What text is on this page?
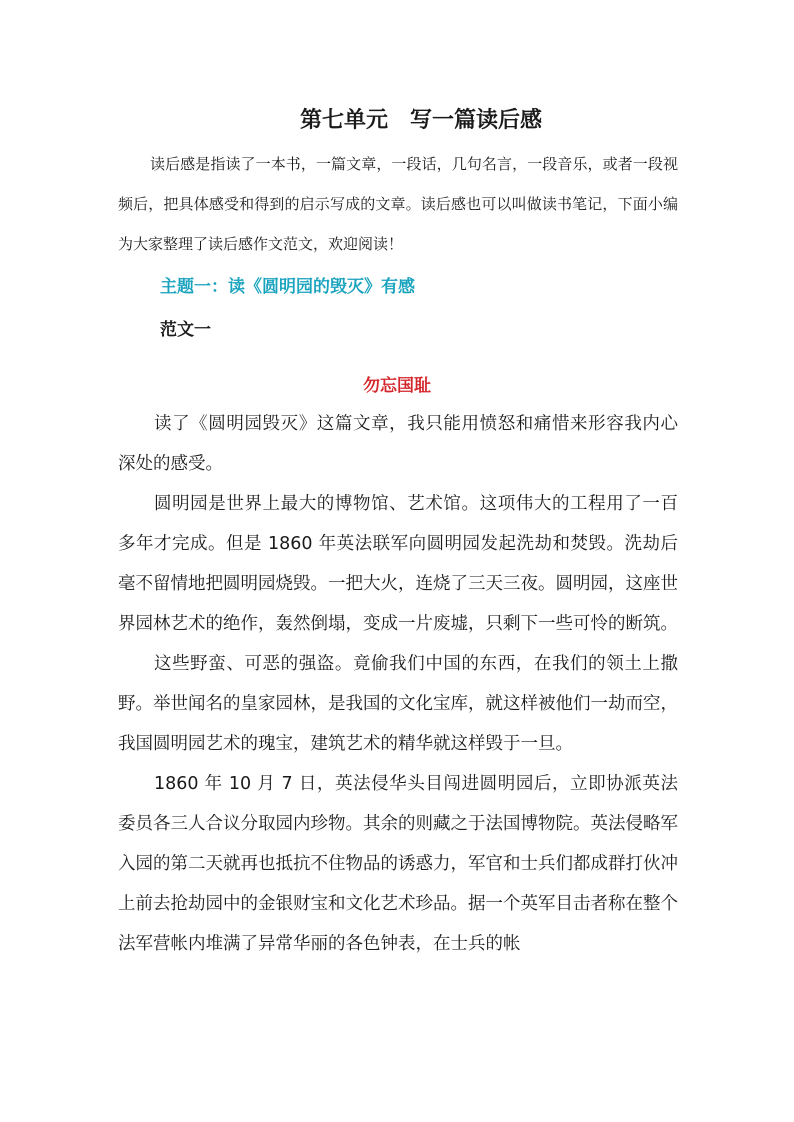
第七单元　写一篇读后感

读后感是指读了一本书，一篇文章，一段话，几句名言，一段音乐，或者一段视频后，把具体感受和得到的启示写成的文章。读后感也可以叫做读书笔记，下面小编为大家整理了读后感作文范文，欢迎阅读！

主题一：读《圆明园的毁灭》有感

范文一

勿忘国耻

读了《圆明园毁灭》这篇文章，我只能用愤怒和痛惜来形容我内心深处的感受。

圆明园是世界上最大的博物馆、艺术馆。这项伟大的工程用了一百多年才完成。但是 1860 年英法联军向圆明园发起洗劫和焚毁。洗劫后毫不留情地把圆明园烧毁。一把大火，连烧了三天三夜。圆明园，这座世界园林艺术的绝作，轰然倒塌，变成一片废墟，只剩下一些可怜的断筑。

这些野蛮、可恶的强盗。竟偷我们中国的东西，在我们的领土上撒野。举世闻名的皇家园林，是我国的文化宝库，就这样被他们一劫而空，我国圆明园艺术的瑰宝，建筑艺术的精华就这样毁于一旦。

1860 年 10 月 7 日，英法侵华头目闯进圆明园后，立即协派英法委员各三人合议分取园内珍物。其余的则藏之于法国博物院。英法侵略军入园的第二天就再也抵抗不住物品的诱惑力，军官和士兵们都成群打伙冲上前去抢劫园中的金银财宝和文化艺术珍品。据一个英军目击者称在整个法军营帐内堆满了异常华丽的各色钟表，在士兵的帐
